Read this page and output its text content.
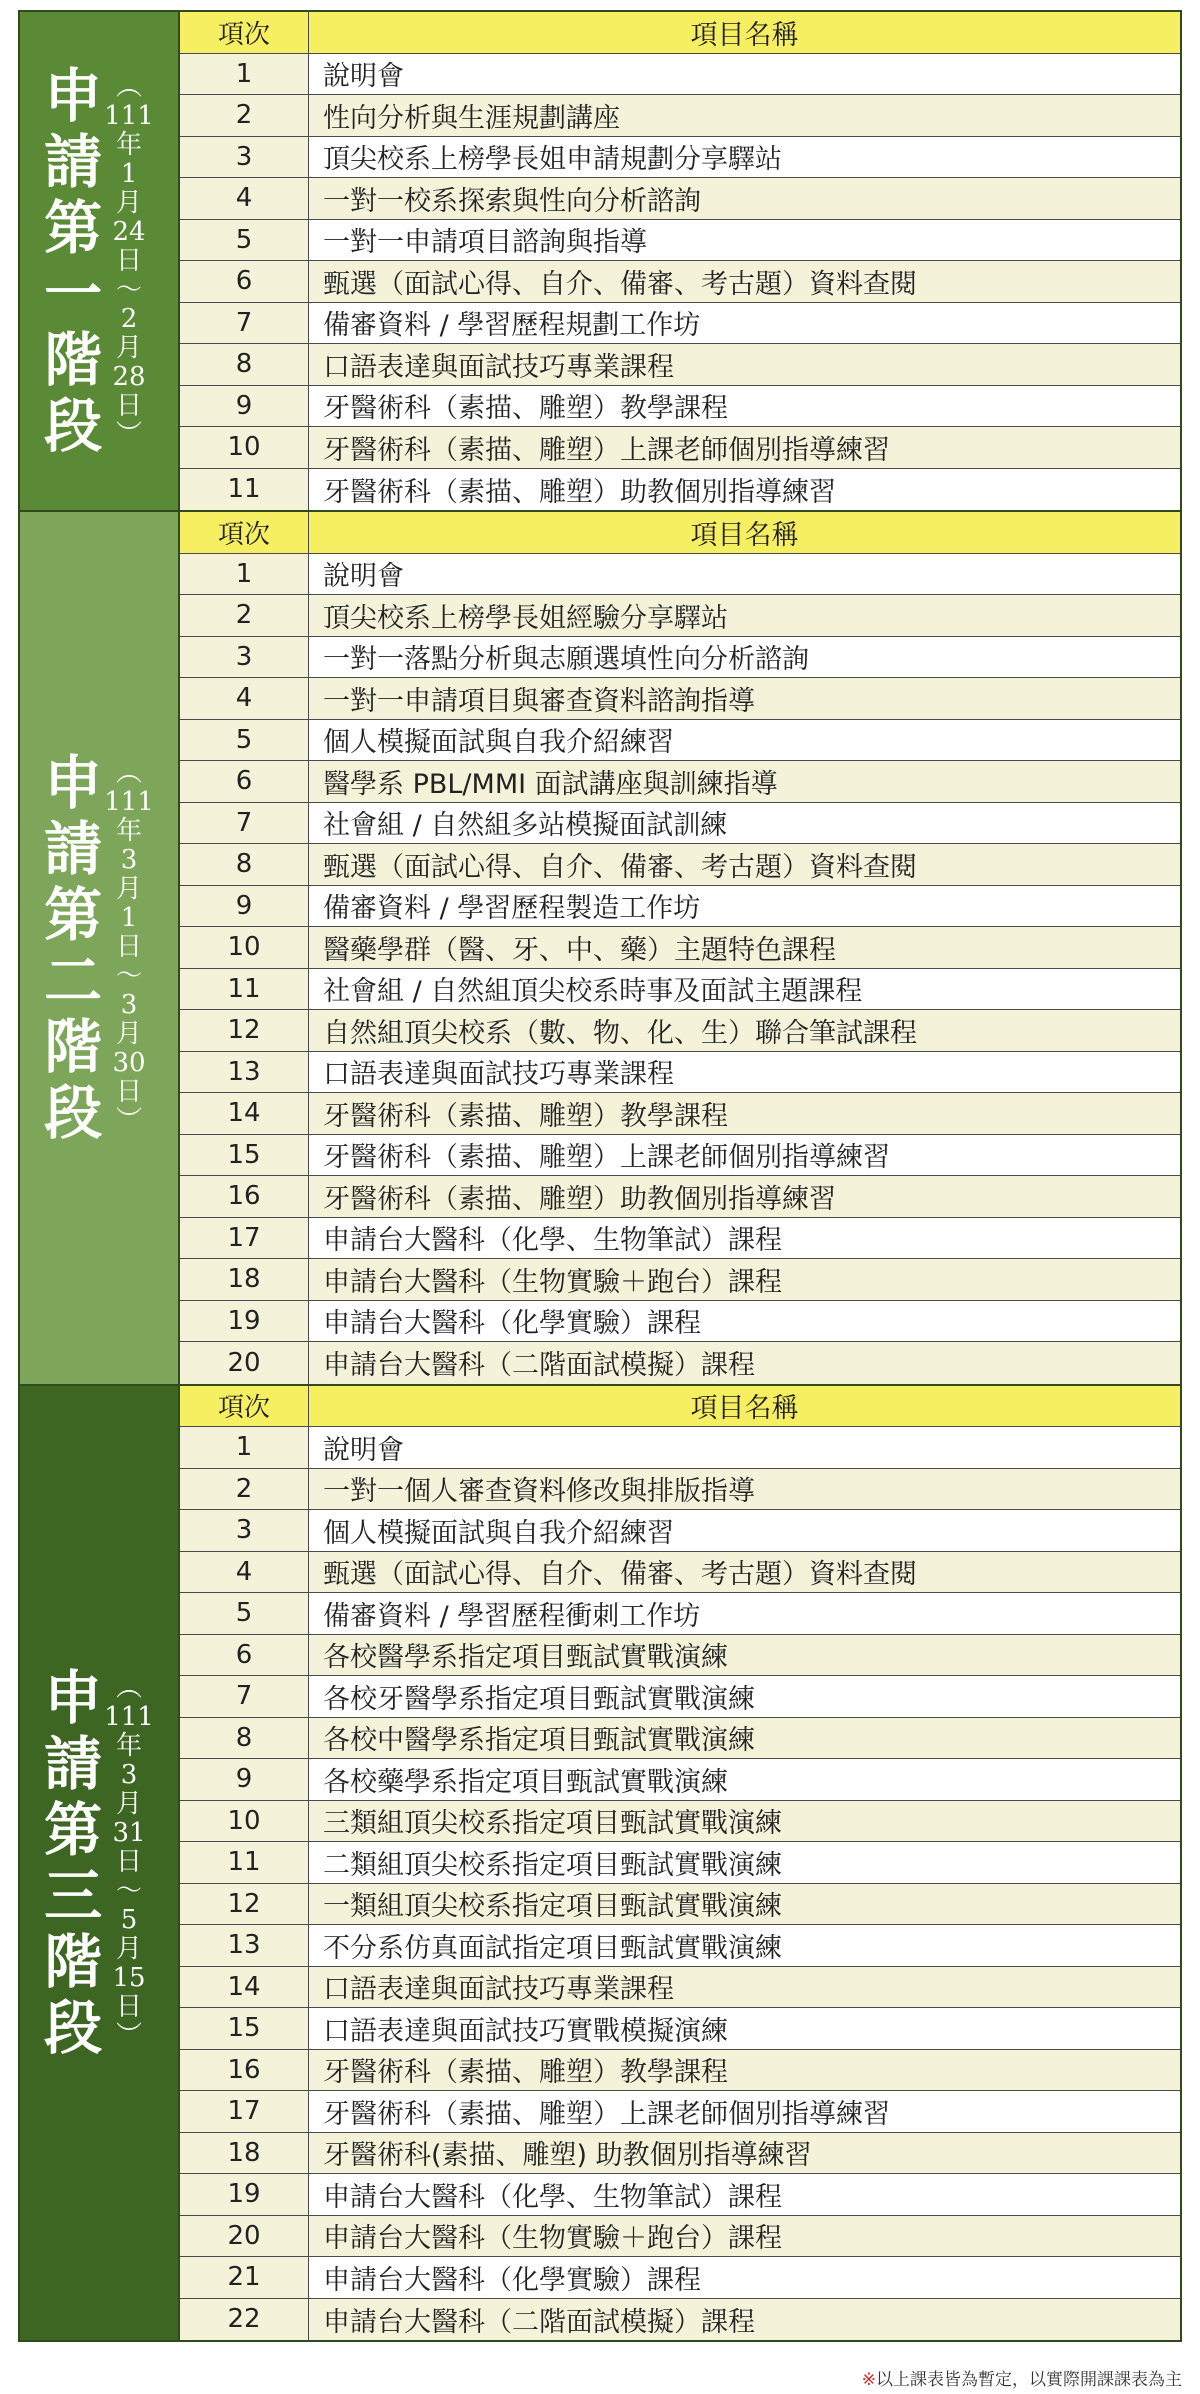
申
請
第
一
階
段
︵
111
年
1
月
24
日
～
2
月
28
日
︶
項次	項目名稱
1	說明會
2	性向分析與生涯規劃講座
3	頂尖校系上榜學長姐申請規劃分享驛站
4	一對一校系探索與性向分析諮詢
5	一對一申請項目諮詢與指導
6	甄選（面試心得、自介、備審、考古題）資料查閱
7	備審資料 / 學習歷程規劃工作坊
8	口語表達與面試技巧專業課程
9	牙醫術科（素描、雕塑）教學課程
10	牙醫術科（素描、雕塑）上課老師個別指導練習
11	牙醫術科（素描、雕塑）助教個別指導練習
申
請
第
二
階
段
︵
111
年
3
月
1
日
～
3
月
30
日
︶
項次	項目名稱
1	說明會
2	頂尖校系上榜學長姐經驗分享驛站
3	一對一落點分析與志願選填性向分析諮詢
4	一對一申請項目與審查資料諮詢指導
5	個人模擬面試與自我介紹練習
6	醫學系 PBL/MMI 面試講座與訓練指導
7	社會組 / 自然組多站模擬面試訓練
8	甄選（面試心得、自介、備審、考古題）資料查閱
9	備審資料 / 學習歷程製造工作坊
10	醫藥學群（醫、牙、中、藥）主題特色課程
11	社會組 / 自然組頂尖校系時事及面試主題課程
12	自然組頂尖校系（數、物、化、生）聯合筆試課程
13	口語表達與面試技巧專業課程
14	牙醫術科（素描、雕塑）教學課程
15	牙醫術科（素描、雕塑）上課老師個別指導練習
16	牙醫術科（素描、雕塑）助教個別指導練習
17	申請台大醫科（化學、生物筆試）課程
18	申請台大醫科（生物實驗＋跑台）課程
19	申請台大醫科（化學實驗）課程
20	申請台大醫科（二階面試模擬）課程
申
請
第
三
階
段
︵
111
年
3
月
31
日
～
5
月
15
日
︶
項次	項目名稱
1	說明會
2	一對一個人審查資料修改與排版指導
3	個人模擬面試與自我介紹練習
4	甄選（面試心得、自介、備審、考古題）資料查閱
5	備審資料 / 學習歷程衝刺工作坊
6	各校醫學系指定項目甄試實戰演練
7	各校牙醫學系指定項目甄試實戰演練
8	各校中醫學系指定項目甄試實戰演練
9	各校藥學系指定項目甄試實戰演練
10	三類組頂尖校系指定項目甄試實戰演練
11	二類組頂尖校系指定項目甄試實戰演練
12	一類組頂尖校系指定項目甄試實戰演練
13	不分系仿真面試指定項目甄試實戰演練
14	口語表達與面試技巧專業課程
15	口語表達與面試技巧實戰模擬演練
16	牙醫術科（素描、雕塑）教學課程
17	牙醫術科（素描、雕塑）上課老師個別指導練習
18	牙醫術科(素描、雕塑) 助教個別指導練習
19	申請台大醫科（化學、生物筆試）課程
20	申請台大醫科（生物實驗＋跑台）課程
21	申請台大醫科（化學實驗）課程
22	申請台大醫科（二階面試模擬）課程
※以上課表皆為暫定，以實際開課課表為主
